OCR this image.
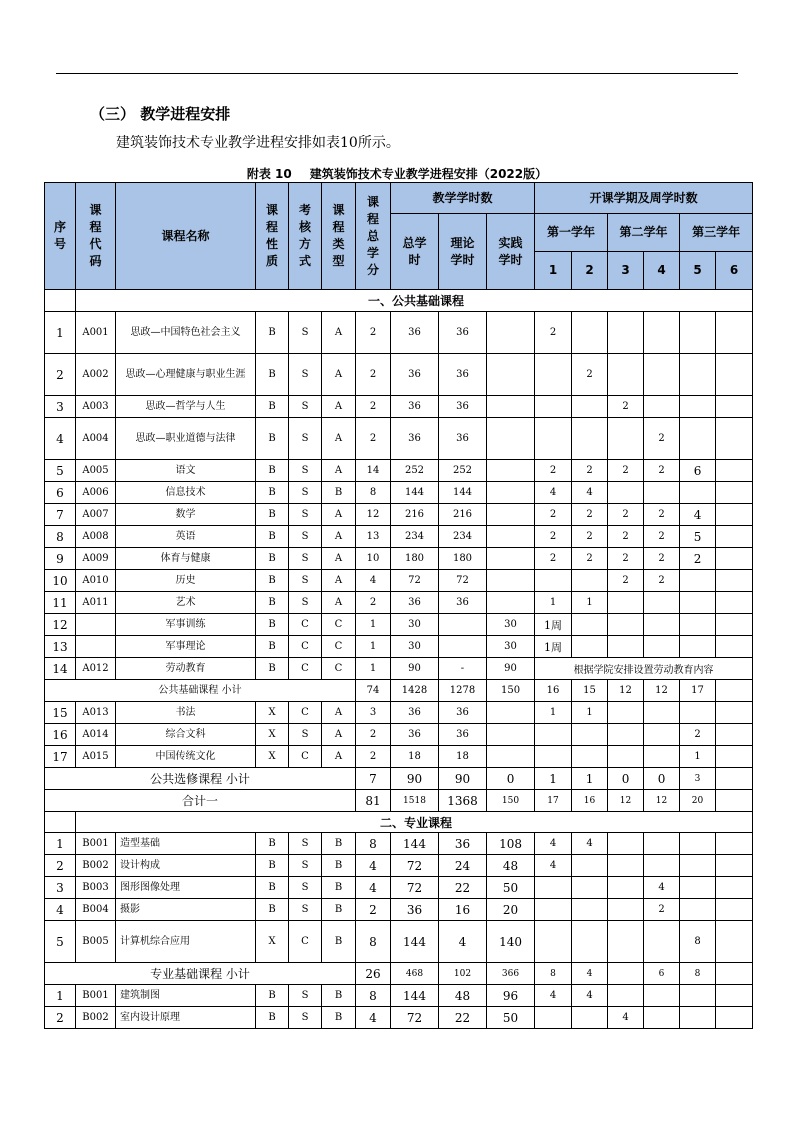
（三） 教学进程安排
建筑装饰技术专业教学进程安排如表10所示。
附表 10 建筑装饰技术专业教学进程安排（2022版）
序号	课程代码	课程名称	课程性质	考核方式	课程类型	课程总学分	教学学时数			开课学期及周学时数					
							总学时	理论学时	实践学时	第一学年		第二学年		第三学年	
										1	2	3	4	5	6
	一、公共基础课程														
1	A001	思政—中国特色社会主义	B	S	A	2	36	36		2					
2	A002	思政—心理健康与职业生涯	B	S	A	2	36	36			2				
3	A003	思政—哲学与人生	B	S	A	2	36	36				2			
4	A004	思政—职业道德与法律	B	S	A	2	36	36					2		
5	A005	语文	B	S	A	14	252	252		2	2	2	2	6	
6	A006	信息技术	B	S	B	8	144	144		4	4				
7	A007	数学	B	S	A	12	216	216		2	2	2	2	4	
8	A008	英语	B	S	A	13	234	234		2	2	2	2	5	
9	A009	体育与健康	B	S	A	10	180	180		2	2	2	2	2	
10	A010	历史	B	S	A	4	72	72				2	2		
11	A011	艺术	B	S	A	2	36	36		1	1				
12		军事训练	B	C	C	1	30		30	1周					
13		军事理论	B	C	C	1	30		30	1周					
14	A012	劳动教育	B	C	C	1	90	-	90	根据学院安排设置劳动教育内容					
公共基础课程 小计						74	1428	1278	150	16	15	12	12	17	
15	A013	书法	X	C	A	3	36	36		1	1				
16	A014	综合文科	X	S	A	2	36	36						2	
17	A015	中国传统文化	X	C	A	2	18	18						1	
公共选修课程 小计						7	90	90	0	1	1	0	0	3	
合计一						81	1518	1368	150	17	16	12	12	20	
	二、专业课程														
1	B001	造型基础	B	S	B	8	144	36	108	4	4				
2	B002	设计构成	B	S	B	4	72	24	48	4					
3	B003	图形图像处理	B	S	B	4	72	22	50				4		
4	B004	摄影	B	S	B	2	36	16	20				2		
5	B005	计算机综合应用	X	C	B	8	144	4	140					8	
专业基础课程 小计						26	468	102	366	8	4		6	8	
1	B001	建筑制图	B	S	B	8	144	48	96	4	4				
2	B002	室内设计原理	B	S	B	4	72	22	50			4			
